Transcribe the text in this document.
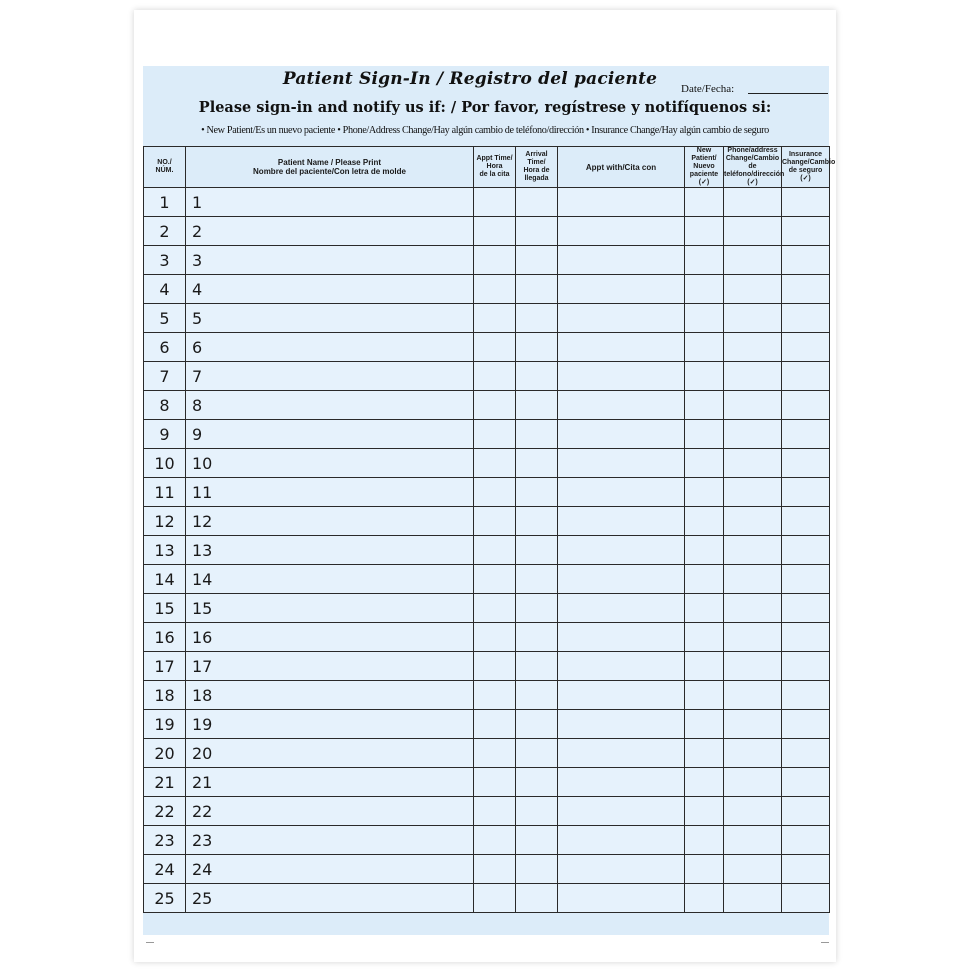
Patient Sign-In / Registro del paciente	Date/Fecha:
Please sign-in and notify us if: / Por favor, regístrese y notifíquenos si:
• New Patient/Es un nuevo paciente • Phone/Address Change/Hay algún cambio de teléfono/dirección • Insurance Change/Hay algún cambio de seguro
NO./
NÚM.	Patient Name / Please Print
Nombre del paciente/Con letra de molde	Appt Time/
Hora
de la cita	Arrival Time/
Hora de
llegada	Appt with/Cita con	New
Patient/
Nuevo
paciente
(✓)	Phone/address
Change/Cambio de
teléfono/dirección
(✓)	Insurance
Change/Cambio
de seguro
(✓)

1	1						
2	2						
3	3						
4	4						
5	5						
6	6						
7	7						
8	8						
9	9						
10	10						
11	11						
12	12						
13	13						
14	14						
15	15						
16	16						
17	17						
18	18						
19	19						
20	20						
21	21						
22	22						
23	23						
24	24						
25	25						
